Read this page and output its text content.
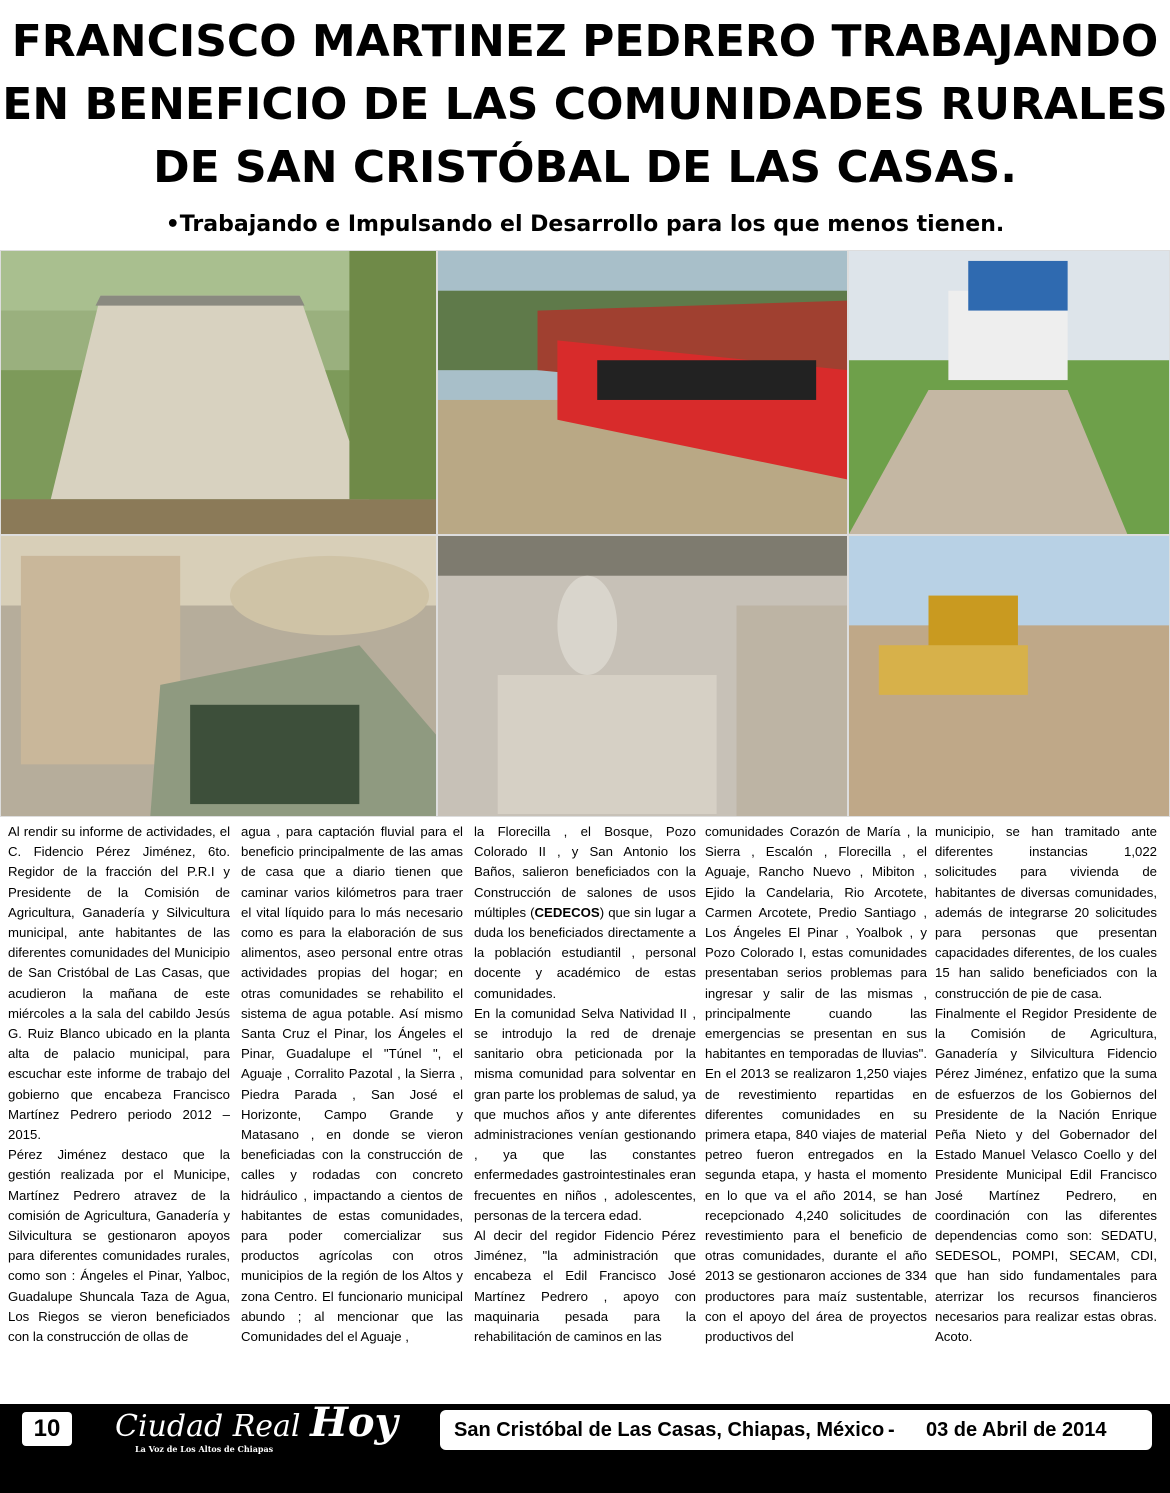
FRANCISCO MARTINEZ PEDRERO TRABAJANDO
EN BENEFICIO DE LAS COMUNIDADES RURALES
DE SAN CRISTÓBAL DE LAS CASAS.
•Trabajando e Impulsando el Desarrollo para los que menos tienen.

Al rendir su informe de actividades, el C. Fidencio Pérez Jiménez, 6to. Regidor de la fracción del P.R.I y Presidente de la Comisión de Agricultura, Ganadería y Silvicultura municipal, ante habitantes de las diferentes comunidades del Municipio de San Cristóbal de Las Casas, que acudieron la mañana de este miércoles a la sala del cabildo Jesús G. Ruiz Blanco ubicado en la planta alta de palacio municipal, para escuchar este informe de trabajo del gobierno que encabeza Francisco Martínez Pedrero periodo 2012 – 2015.

Pérez Jiménez destaco que la gestión realizada por el Municipe, Martínez Pedrero atravez de la comisión de Agricultura, Ganadería y Silvicultura se gestionaron apoyos para diferentes comunidades rurales, como son : Ángeles el Pinar, Yalboc, Guadalupe Shuncala Taza de Agua, Los Riegos se vieron beneficiados con la construcción de ollas de

agua , para captación fluvial para el beneficio principalmente de las amas de casa que a diario tienen que caminar varios kilómetros para traer el vital líquido para lo más necesario como es para la elaboración de sus alimentos, aseo personal entre otras actividades propias del hogar; en otras comunidades se rehabilito el sistema de agua potable. Así mismo Santa Cruz el Pinar, los Ángeles el Pinar, Guadalupe el "Túnel ", el Aguaje , Corralito Pazotal , la Sierra , Piedra Parada , San José el Horizonte, Campo Grande y Matasano , en donde se vieron beneficiadas con la construcción de calles y rodadas con concreto hidráulico , impactando a cientos de habitantes de estas comunidades, para poder comercializar sus productos agrícolas con otros municipios de la región de los Altos y zona Centro. El funcionario municipal abundo ; al mencionar que las Comunidades del el Aguaje ,

la Florecilla , el Bosque, Pozo Colorado II , y San Antonio los Baños, salieron beneficiados con la Construcción de salones de usos múltiples (CEDECOS) que sin lugar a duda los beneficiados directamente a la población estudiantil , personal docente y académico de estas comunidades.

En la comunidad Selva Natividad II , se introdujo la red de drenaje sanitario obra peticionada por la misma comunidad para solventar en gran parte los problemas de salud, ya que muchos años y ante diferentes administraciones venían gestionando , ya que las constantes enfermedades gastrointestinales eran frecuentes en niños , adolescentes, personas de la tercera edad.

Al decir del regidor Fidencio Pérez Jiménez, "la administración que encabeza el Edil Francisco José Martínez Pedrero , apoyo con maquinaria pesada para la rehabilitación de caminos en las

comunidades Corazón de María , la Sierra , Escalón , Florecilla , el Aguaje, Rancho Nuevo , Mibiton , Ejido la Candelaria, Rio Arcotete, Carmen Arcotete, Predio Santiago , Los Ángeles El Pinar , Yoalbok , y Pozo Colorado I, estas comunidades presentaban serios problemas para ingresar y salir de las mismas , principalmente cuando las emergencias se presentan en sus habitantes en temporadas de lluvias". En el 2013 se realizaron 1,250 viajes de revestimiento repartidas en diferentes comunidades en su primera etapa, 840 viajes de material petreo fueron entregados en la segunda etapa, y hasta el momento en lo que va el año 2014, se han recepcionado 4,240 solicitudes de revestimiento para el beneficio de otras comunidades, durante el año 2013 se gestionaron acciones de 334 productores para maíz sustentable, con el apoyo del área de proyectos productivos del

municipio, se han tramitado ante diferentes instancias 1,022 solicitudes para vivienda de habitantes de diversas comunidades, además de integrarse 20 solicitudes para personas que presentan capacidades diferentes, de los cuales 15 han salido beneficiados con la construcción de pie de casa.

Finalmente el Regidor Presidente de la Comisión de Agricultura, Ganadería y Silvicultura Fidencio Pérez Jiménez, enfatizo que la suma de esfuerzos de los Gobiernos del Presidente de la Nación Enrique Peña Nieto y del Gobernador del Estado Manuel Velasco Coello y del Presidente Municipal Edil Francisco José Martínez Pedrero, en coordinación con las diferentes dependencias como son: SEDATU, SEDESOL, POMPI, SECAM, CDI, que han sido fundamentales para aterrizar los recursos financieros necesarios para realizar estas obras. Acoto.

10	Ciudad Real Hoy
La Voz de Los Altos de Chiapas
San Cristóbal de Las Casas, Chiapas, México - 03 de Abril de 2014
